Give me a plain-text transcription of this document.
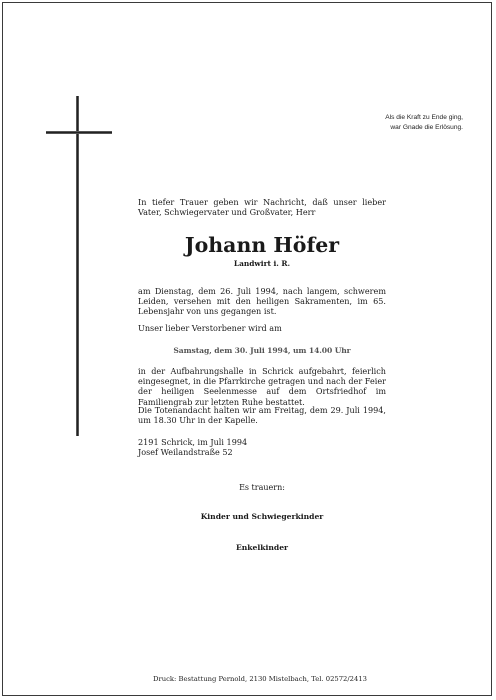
Als die Kraft zu Ende ging,
war Gnade die Erlösung.
In tiefer Trauer geben wir Nachricht, daß unser lieber Vater, Schwiegervater und Großvater, Herr
Johann Höfer
Landwirt i. R.
am Dienstag, dem 26. Juli 1994, nach langem, schwerem Leiden, versehen mit den heiligen Sakramenten, im 65. Lebensjahr von uns gegangen ist.
Unser lieber Verstorbener wird am
Samstag, dem 30. Juli 1994, um 14.00 Uhr
in der Aufbahrungshalle in Schrick aufgebahrt, feierlich eingesegnet, in die Pfarrkirche getragen und nach der Feier der heiligen Seelenmesse auf dem Ortsfriedhof im Familiengrab zur letzten Ruhe bestattet.
Die Totenandacht halten wir am Freitag, dem 29. Juli 1994, um 18.30 Uhr in der Kapelle.
2191 Schrick, im Juli 1994
Josef Weilandstraße 52
Es trauern:
Kinder und Schwiegerkinder
Enkelkinder
Druck: Bestattung Pernold, 2130 Mistelbach, Tel. 02572/2413
